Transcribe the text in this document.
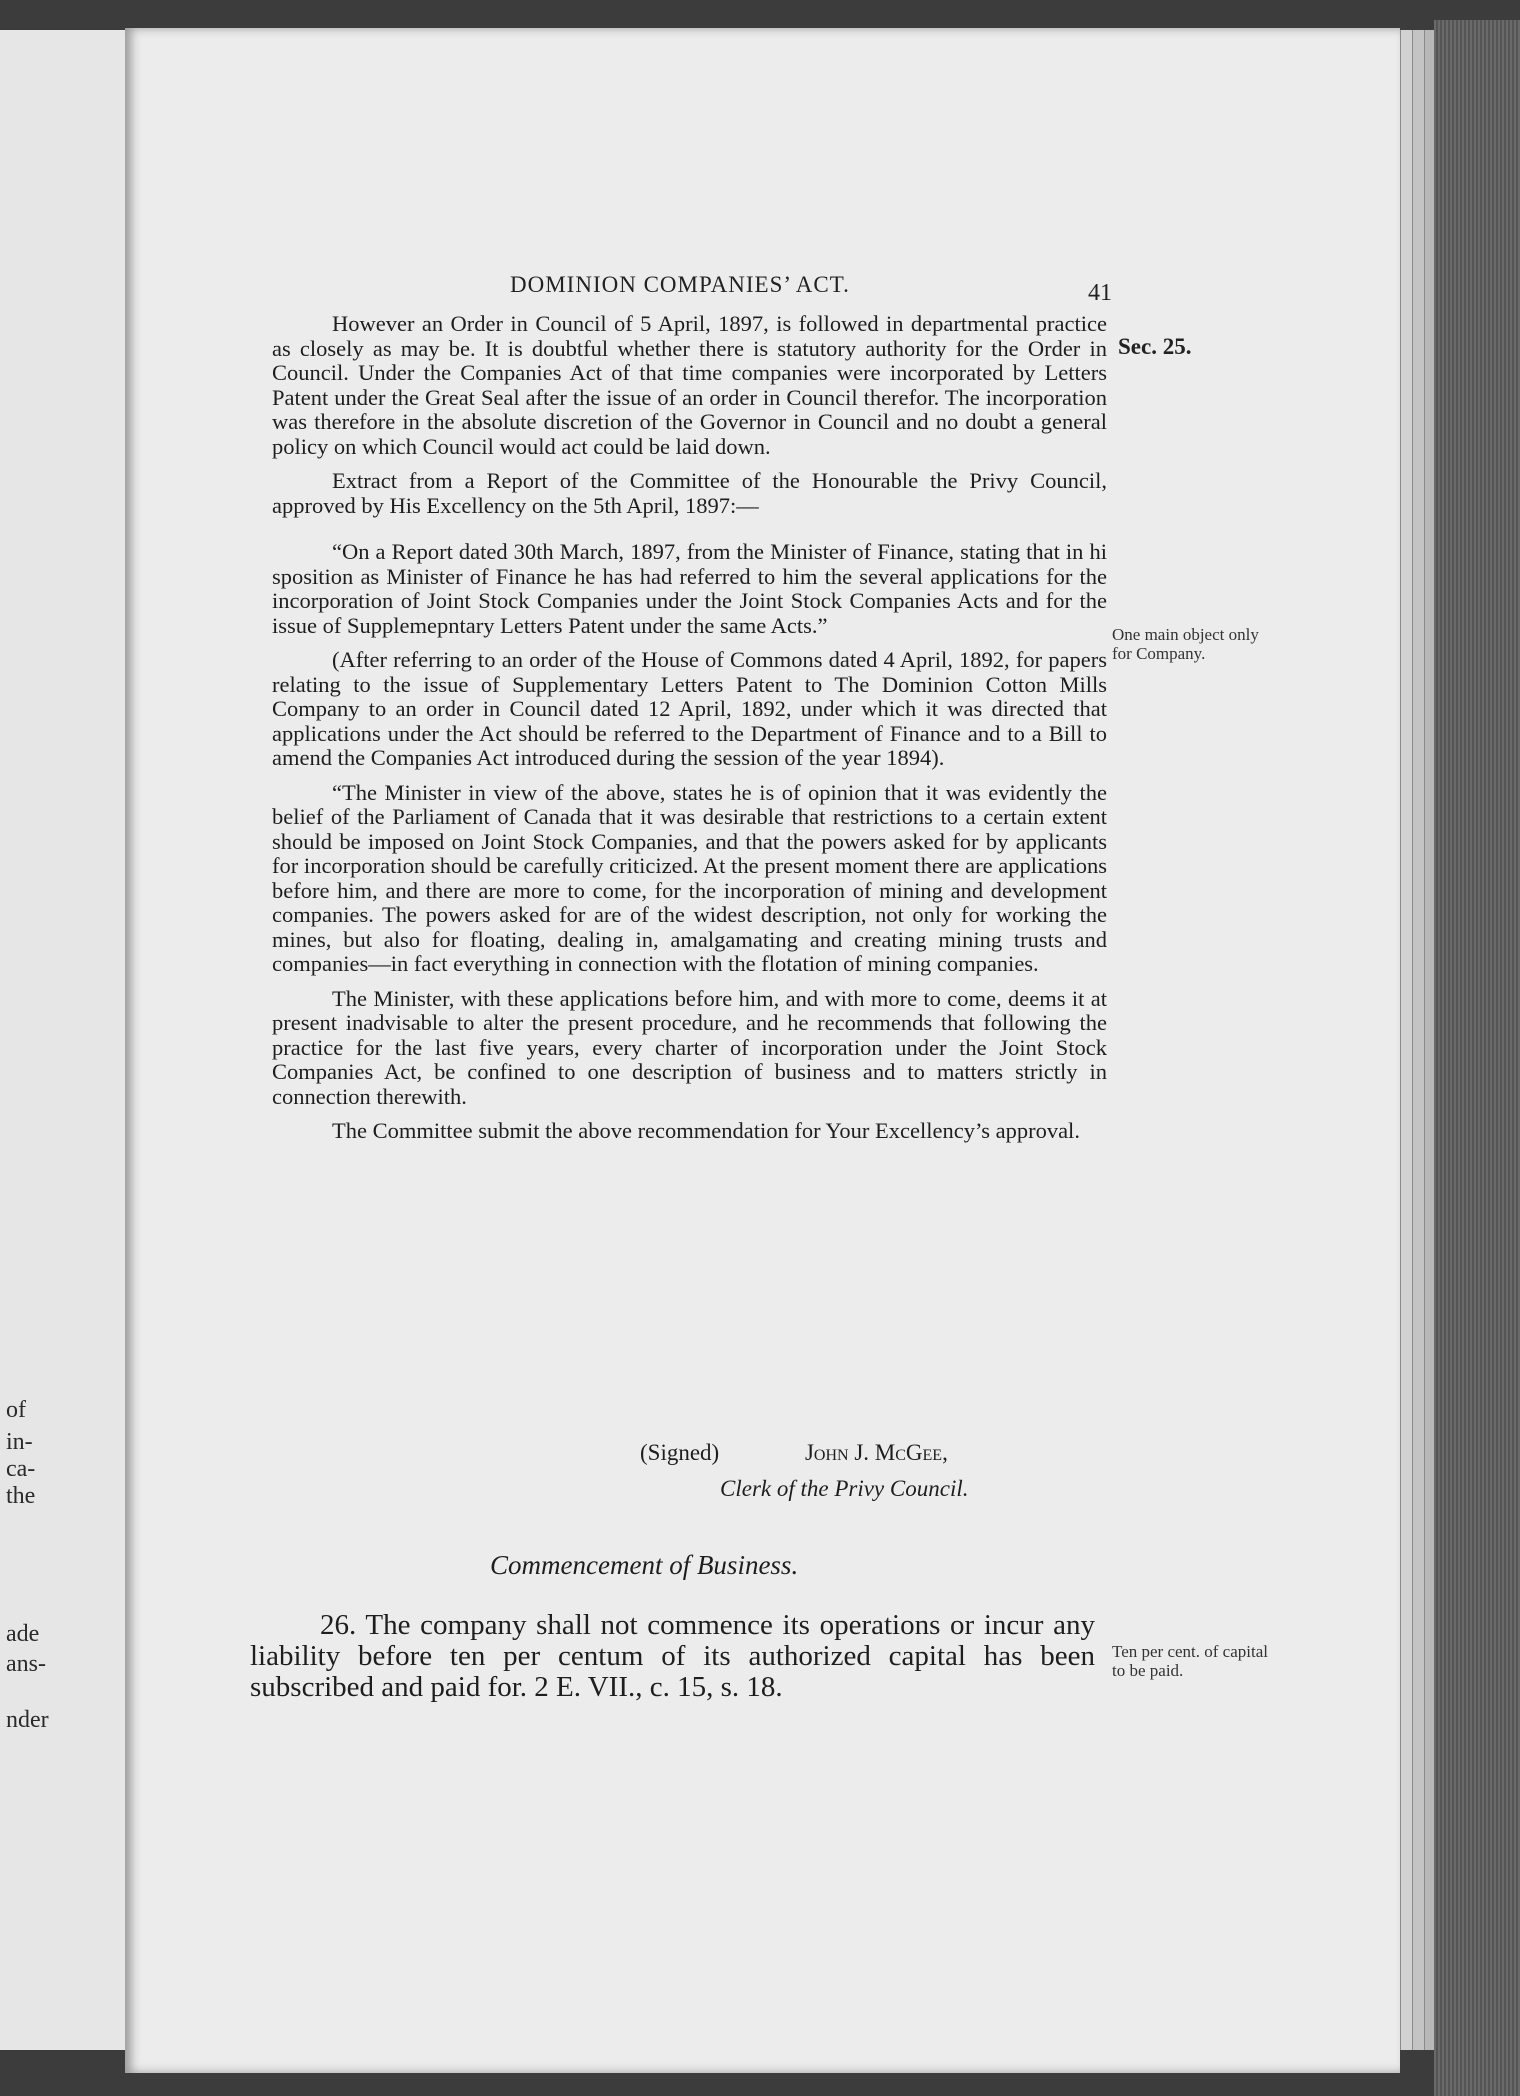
of
in-
ca-
the
ade
ans-
nder
DOMINION COMPANIES’ ACT.	41
Sec. 25.

However an Order in Council of 5 April, 1897, is followed in departmental practice as closely as may be. It is doubtful whether there is statutory authority for the Order in Council. Under the Companies Act of that time companies were incorporated by Letters Patent under the Great Seal after the issue of an order in Council therefor. The incorporation was therefore in the absolute discretion of the Governor in Council and no doubt a general policy on which Council would act could be laid down.

Extract from a Report of the Committee of the Honourable the Privy Council, approved by His Excellency on the 5th April, 1897:—

“On a Report dated 30th March, 1897, from the Minister of Finance, stating that in hi sposition as Minister of Finance he has had referred to him the several applications for the incorporation of Joint Stock Companies under the Joint Stock Companies Acts and for the issue of Supplemepntary Letters Patent under the same Acts.”

(After referring to an order of the House of Commons dated 4 April, 1892, for papers relating to the issue of Supplementary Letters Patent to The Dominion Cotton Mills Company to an order in Council dated 12 April, 1892, under which it was directed that applications under the Act should be referred to the Department of Finance and to a Bill to amend the Companies Act introduced during the session of the year 1894).

“The Minister in view of the above, states he is of opinion that it was evidently the belief of the Parliament of Canada that it was desirable that restrictions to a certain extent should be imposed on Joint Stock Companies, and that the powers asked for by applicants for incorporation should be carefully criticized. At the present moment there are applications before him, and there are more to come, for the incorporation of mining and development companies. The powers asked for are of the widest description, not only for working the mines, but also for floating, dealing in, amalgamating and creating mining trusts and companies—in fact everything in connection with the flotation of mining companies.

The Minister, with these applications before him, and with more to come, deems it at present inadvisable to alter the present procedure, and he recommends that following the practice for the last five years, every charter of incorporation under the Joint Stock Companies Act, be confined to one description of business and to matters strictly in connection therewith.

The Committee submit the above recommendation for Your Excellency’s approval.

One main object only for Company.
(Signed)	John J. McGee,
Clerk of the Privy Council.
Commencement of Business.

26. The company shall not commence its operations or incur any liability before ten per centum of its authorized capital has been subscribed and paid for. 2 E. VII., c. 15, s. 18.

Ten per cent. of capital to be paid.
